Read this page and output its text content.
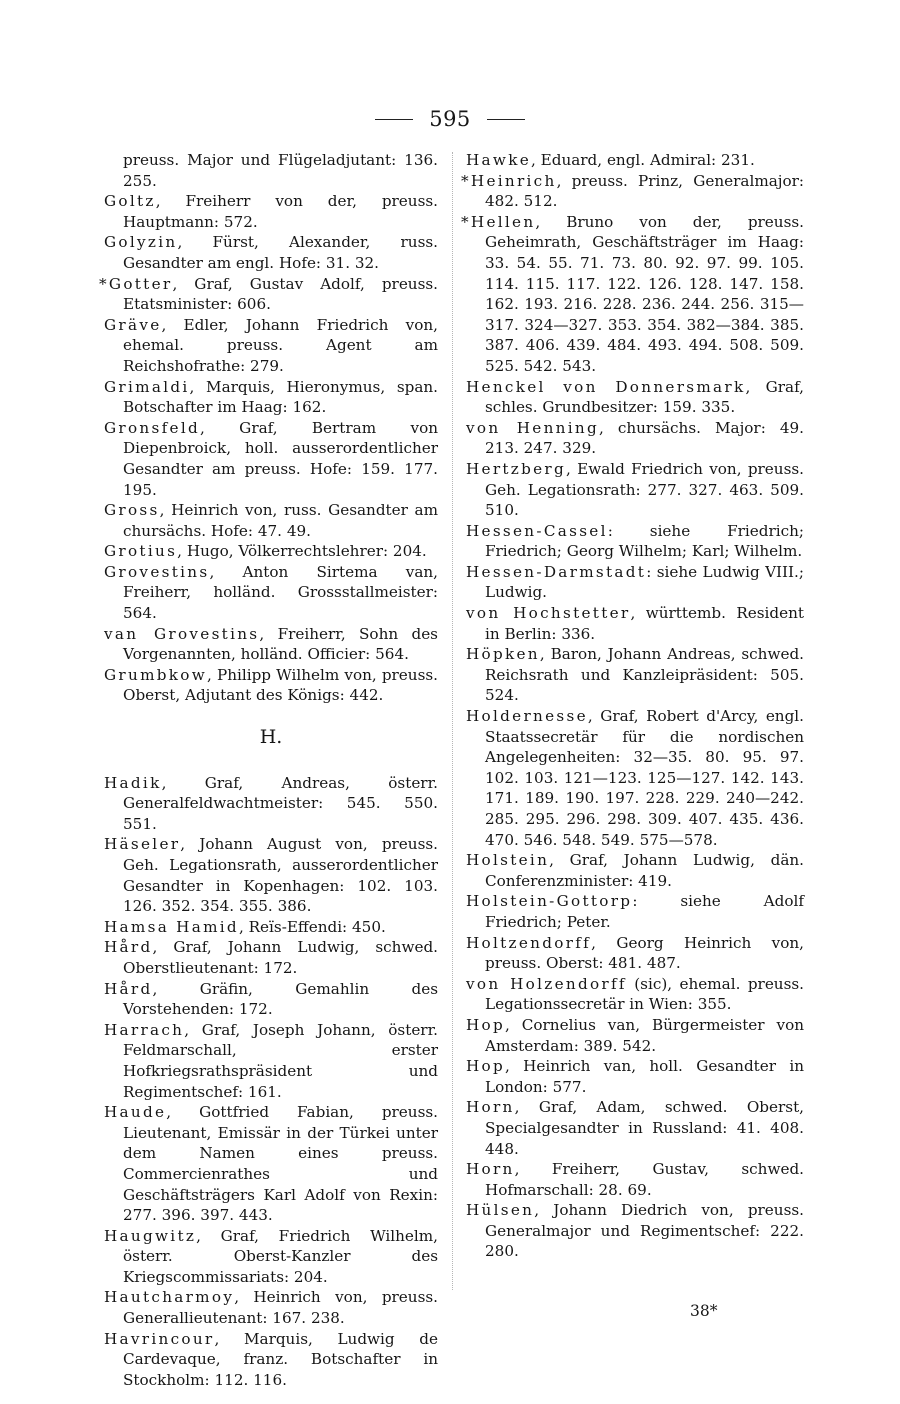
595
preuss. Major und Flügeladjutant: 136. 255.
Goltz, Freiherr von der, preuss. Hauptmann: 572.
Golyzin, Fürst, Alexander, russ. Gesandter am engl. Hofe: 31. 32.
*Gotter, Graf, Gustav Adolf, preuss. Etatsminister: 606.
Gräve, Edler, Johann Friedrich von, ehemal. preuss. Agent am Reichshofrathe: 279.
Grimaldi, Marquis, Hieronymus, span. Botschafter im Haag: 162.
Gronsfeld, Graf, Bertram von Diepenbroick, holl. ausserordentlicher Gesandter am preuss. Hofe: 159. 177. 195.
Gross, Heinrich von, russ. Gesandter am chursächs. Hofe: 47. 49.
Grotius, Hugo, Völkerrechtslehrer: 204.
Grovestins, Anton Sirtema van, Freiherr, holländ. Grossstallmeister: 564.
van Grovestins, Freiherr, Sohn des Vorgenannten, holländ. Officier: 564.
Grumbkow, Philipp Wilhelm von, preuss. Oberst, Adjutant des Königs: 442.
H.
Hadik, Graf, Andreas, österr. Generalfeldwachtmeister: 545. 550. 551.
Häseler, Johann August von, preuss. Geh. Legationsrath, ausserordentlicher Gesandter in Kopenhagen: 102. 103. 126. 352. 354. 355. 386.
Hamsa Hamid, Reïs-Effendi: 450.
Hård, Graf, Johann Ludwig, schwed. Oberstlieutenant: 172.
Hård, Gräfin, Gemahlin des Vorstehenden: 172.
Harrach, Graf, Joseph Johann, österr. Feldmarschall, erster Hofkriegsrathspräsident und Regimentschef: 161.
Haude, Gottfried Fabian, preuss. Lieutenant, Emissär in der Türkei unter dem Namen eines preuss. Commercienrathes und Geschäftsträgers Karl Adolf von Rexin: 277. 396. 397. 443.
Haugwitz, Graf, Friedrich Wilhelm, österr. Oberst-Kanzler des Kriegscommissariats: 204.
Hautcharmoy, Heinrich von, preuss. Generallieutenant: 167. 238.
Havrincour, Marquis, Ludwig de Cardevaque, franz. Botschafter in Stockholm: 112. 116.
Hawke, Eduard, engl. Admiral: 231.
*Heinrich, preuss. Prinz, Generalmajor: 482. 512.
*Hellen, Bruno von der, preuss. Geheimrath, Geschäftsträger im Haag: 33. 54. 55. 71. 73. 80. 92. 97. 99. 105. 114. 115. 117. 122. 126. 128. 147. 158. 162. 193. 216. 228. 236. 244. 256. 315—317. 324—327. 353. 354. 382—384. 385. 387. 406. 439. 484. 493. 494. 508. 509. 525. 542. 543.
Henckel von Donnersmark, Graf, schles. Grundbesitzer: 159. 335.
von Henning, chursächs. Major: 49. 213. 247. 329.
Hertzberg, Ewald Friedrich von, preuss. Geh. Legationsrath: 277. 327. 463. 509. 510.
Hessen-Cassel: siehe Friedrich; Friedrich; Georg Wilhelm; Karl; Wilhelm.
Hessen-Darmstadt: siehe Ludwig VIII.; Ludwig.
von Hochstetter, württemb. Resident in Berlin: 336.
Höpken, Baron, Johann Andreas, schwed. Reichsrath und Kanzleipräsident: 505. 524.
Holdernesse, Graf, Robert d'Arcy, engl. Staatssecretär für die nordischen Angelegenheiten: 32—35. 80. 95. 97. 102. 103. 121—123. 125—127. 142. 143. 171. 189. 190. 197. 228. 229. 240—242. 285. 295. 296. 298. 309. 407. 435. 436. 470. 546. 548. 549. 575—578.
Holstein, Graf, Johann Ludwig, dän. Conferenzminister: 419.
Holstein-Gottorp: siehe Adolf Friedrich; Peter.
Holtzendorff, Georg Heinrich von, preuss. Oberst: 481. 487.
von Holzendorff (sic), ehemal. preuss. Legationssecretär in Wien: 355.
Hop, Cornelius van, Bürgermeister von Amsterdam: 389. 542.
Hop, Heinrich van, holl. Gesandter in London: 577.
Horn, Graf, Adam, schwed. Oberst, Specialgesandter in Russland: 41. 408. 448.
Horn, Freiherr, Gustav, schwed. Hofmarschall: 28. 69.
Hülsen, Johann Diedrich von, preuss. Generalmajor und Regimentschef: 222. 280.
38*
